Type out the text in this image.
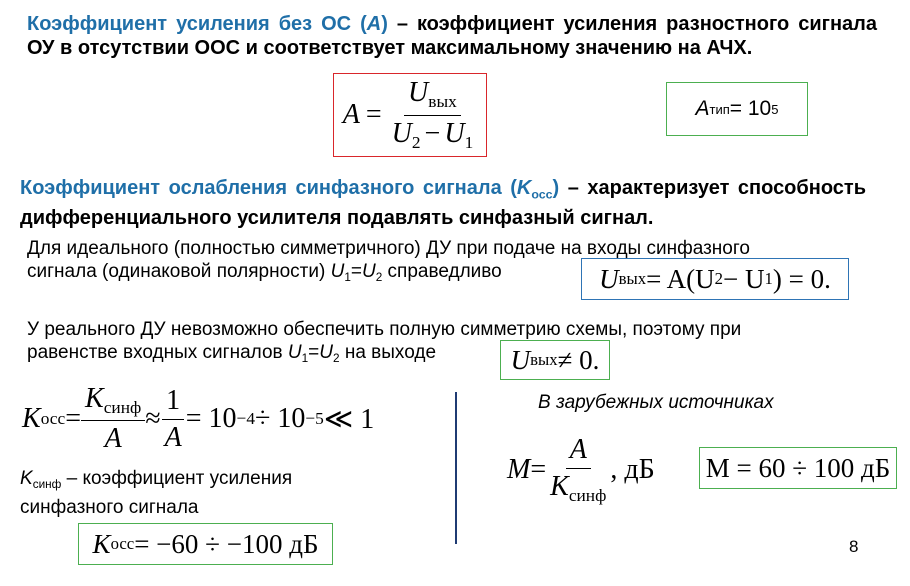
Коэффициент усиления без ОС (A) – коэффициент усиления разностного сигнала ОУ в отсутствии ООС и соответствует максимальному значению на АЧХ.
$A = \frac{U_{вых}}{U_2 - U_1}$	A тип = 10 5
Коэффициент ослабления синфазного сигнала $(K_{осс})$ – характеризует способность дифференциального усилителя подавлять синфазный сигнал.
Для идеального (полностью симметричного) ДУ при подаче на входы синфазного
сигнала (одинаковой полярности) $U_1=U_2$ справедливо	U вых = A(U 2 − U 1 ) = 0.
У реального ДУ невозможно обеспечить полную симметрию схемы, поэтому при
равенстве входных сигналов $U_1=U_2$ на выходе	U вых ≠ 0.
K осс = $\frac{K_{синф}}{A} \approx \frac{1}{A} = 10 -4 \div 10 -5$ ≪ 1
В зарубежных источниках
$K_{синф}$ – коэффициент усиления
синфазного сигнала
K осс = −60 ÷ −100 дБ
$M = \frac{A}{K_{синф}}$ , дБ M = 60 ÷ 100 дБ
8
